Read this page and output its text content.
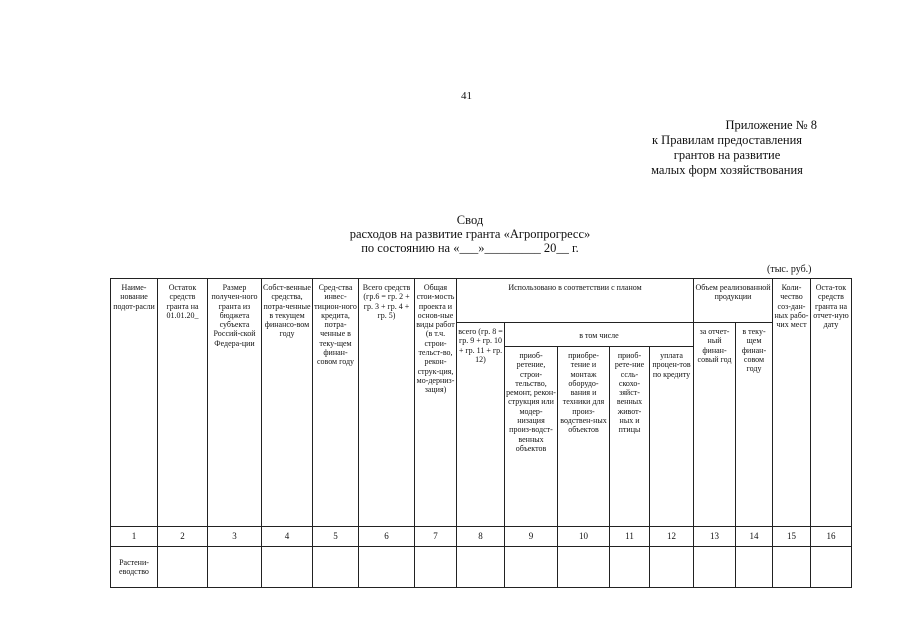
41
Приложение № 8
к Правилам предоставления
грантов на развитие
малых форм хозяйствования
Свод
расходов на развитие гранта «Агропрогресс»
по состоянию на «___»_________ 20__ г.
(тыс. руб.)
Наиме-нование подот-расли	Остаток средств гранта на 01.01.20_	Размер получен-ного гранта из бюджета субъекта Россий-ской Федера-ции	Собст-венные средства, потра-ченные в текущем финансо-вом году	Сред-ства инвес-тицион-ного кредита, потра-ченные в теку-щем финан-совом году	Всего средств (гр.6 = гр. 2 + гр. 3 + гр. 4 + гр. 5)	Общая стои-мость проекта и основ-ные виды работ (в т.ч. строи-тельст-во, рекон-струк-ция, мо-дерниз-зация)	Использовано в соответствии с планом					Объем реализованной продукции		Коли-чество соз-дан-ных рабо-чих мест	Оста-ток средств гранта на отчет-ную дату
							всего (гр. 8 = гр. 9 + гр. 10 + гр. 11 + гр. 12)	в том числе				за отчет-ный финан-совый год	в теку-щем финан-совом году		
								приоб-ретение, строи-тельство, ремонт, рекон-струкция или модер-низация произ-водст-венных объектов	приобре-тение и монтаж оборудо-вания и техники для произ-водствен-ных объектов	приоб-рете-ние ссль-скохо-зяйст-венных живот-ных и птицы	уплата процен-тов по кредиту				
1	2	3	4	5	6	7	8	9	10	11	12	13	14	15	16
Растени-еводство															
